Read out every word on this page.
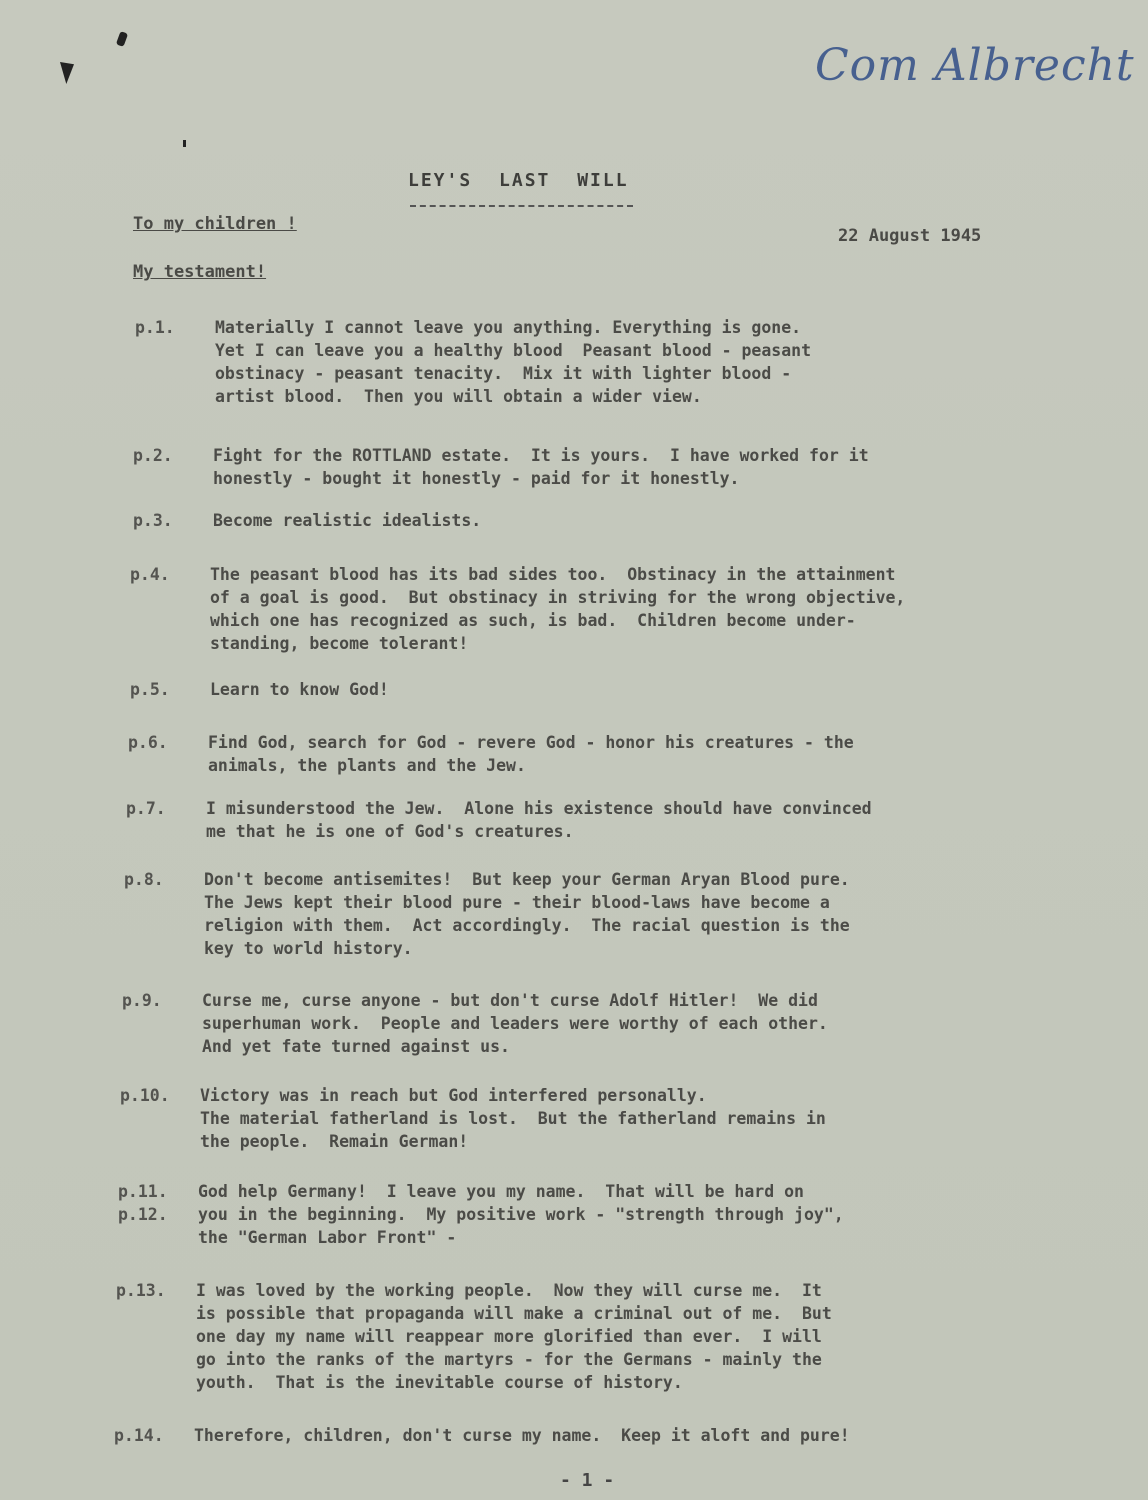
Com Albrecht
LEY'S LAST WILL
To my children !
22 August 1945
My testament!
p.1.	Materially I cannot leave you anything. Everything is gone.
Yet I can leave you a healthy blood  Peasant blood - peasant
obstinacy - peasant tenacity.  Mix it with lighter blood -
artist blood.  Then you will obtain a wider view.
p.2.	Fight for the ROTTLAND estate.  It is yours.  I have worked for it
honestly - bought it honestly - paid for it honestly.
p.3.	Become realistic idealists.
p.4.	The peasant blood has its bad sides too.  Obstinacy in the attainment
of a goal is good.  But obstinacy in striving for the wrong objective,
which one has recognized as such, is bad.  Children become under-
standing, become tolerant!
p.5.	Learn to know God!
p.6.	Find God, search for God - revere God - honor his creatures - the
animals, the plants and the Jew.
p.7.	I misunderstood the Jew.  Alone his existence should have convinced
me that he is one of God's creatures.
p.8.	Don't become antisemites!  But keep your German Aryan Blood pure.
The Jews kept their blood pure - their blood-laws have become a
religion with them.  Act accordingly.  The racial question is the
key to world history.
p.9.	Curse me, curse anyone - but don't curse Adolf Hitler!  We did
superhuman work.  People and leaders were worthy of each other.
And yet fate turned against us.
p.10.	Victory was in reach but God interfered personally.
The material fatherland is lost.  But the fatherland remains in
the people.  Remain German!
p.11.
p.12.
God help Germany!  I leave you my name.  That will be hard on
you in the beginning.  My positive work - "strength through joy",
the "German Labor Front" -
p.13.	I was loved by the working people.  Now they will curse me.  It
is possible that propaganda will make a criminal out of me.  But
one day my name will reappear more glorified than ever.  I will
go into the ranks of the martyrs - for the Germans - mainly the
youth.  That is the inevitable course of history.
p.14.	Therefore, children, don't curse my name.  Keep it aloft and pure!
- 1 -
